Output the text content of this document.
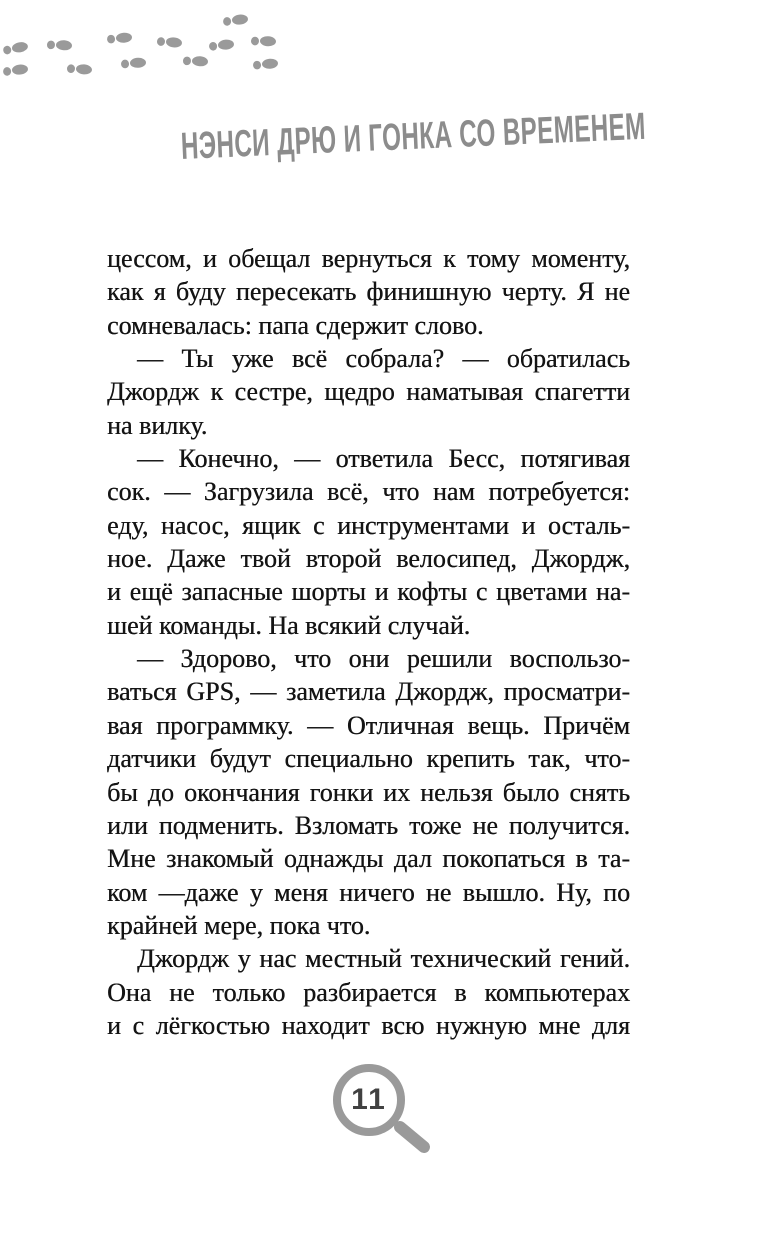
НЭНСИ ДРЮ И ГОНКА СО ВРЕМЕНЕМ
цессом, и обещал вернуться к тому моменту,
как я буду пересекать финишную черту. Я не
сомневалась: папа сдержит слово.
— Ты уже всё собрала? — обратилась
Джордж к сестре, щедро наматывая спагетти
на вилку.
— Конечно, — ответила Бесс, потягивая
сок. — Загрузила всё, что нам потребуется:
еду, насос, ящик с инструментами и осталь-
ное. Даже твой второй велосипед, Джордж,
и ещё запасные шорты и кофты с цветами на-
шей команды. На всякий случай.
— Здорово, что они решили воспользо-
ваться GPS, — заметила Джордж, просматри-
вая программку. — Отличная вещь. Причём
датчики будут специально крепить так, что-
бы до окончания гонки их нельзя было снять
или подменить. Взломать тоже не получится.
Мне знакомый однажды дал покопаться в та-
ком —даже у меня ничего не вышло. Ну, по
крайней мере, пока что.
Джордж у нас местный технический гений.
Она не только разбирается в компьютерах
и с лёгкостью находит всю нужную мне для
11
